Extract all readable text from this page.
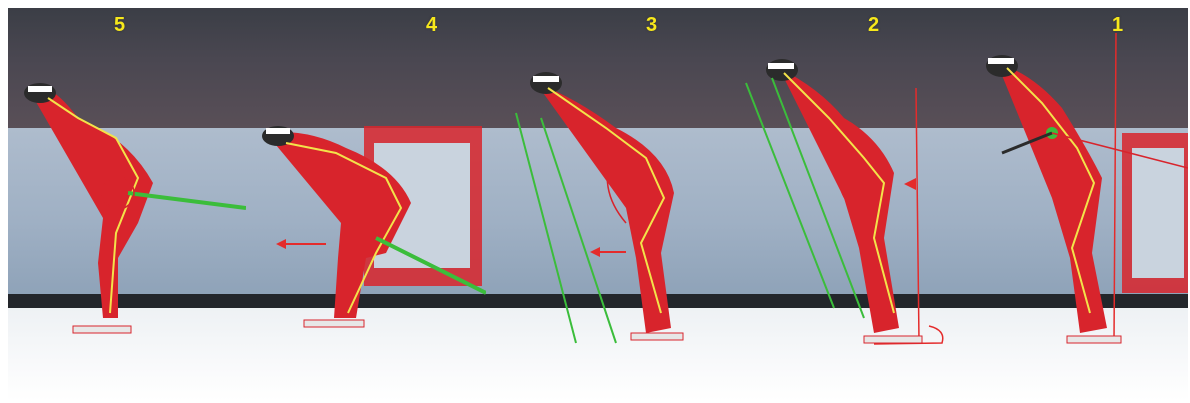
5	4	3	2	1
